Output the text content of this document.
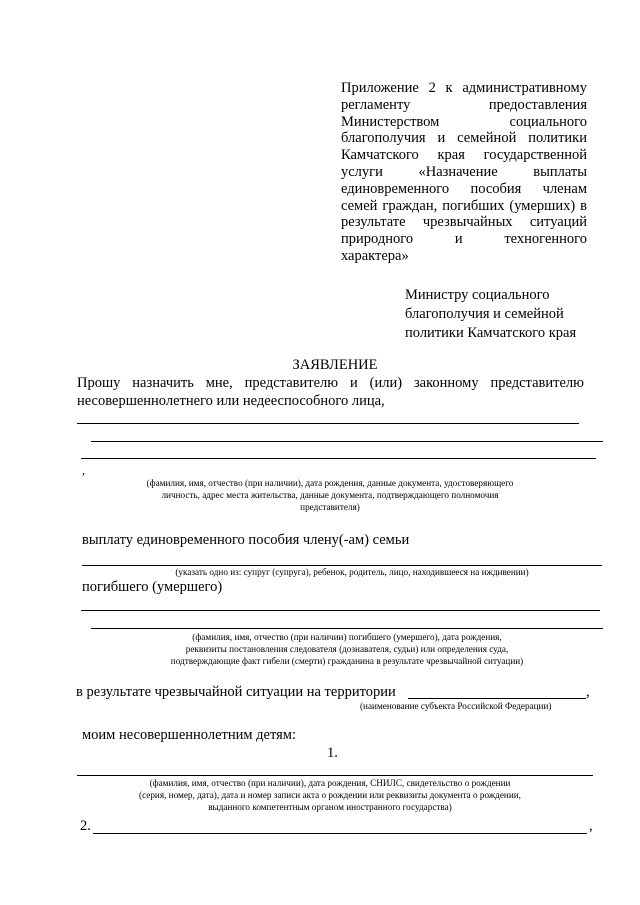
Приложение 2 к административному
регламенту	предоставления
Министерством	социального
благополучия и семейной политики
Камчатского края государственной
услуги «Назначение выплаты
единовременного пособия членам
семей граждан, погибших (умерших) в
результате чрезвычайных ситуаций
природного	и	техногенного
характера»
Министру социального
благополучия и семейной
политики Камчатского края
ЗАЯВЛЕНИЕ
Прошу назначить мне, представителю и (или) законному представителю
несовершеннолетнего или недееспособного лица,
,
(фамилия, имя, отчество (при наличии), дата рождения, данные документа, удостоверяющего
личность, адрес места жительства, данные документа, подтверждающего полномочия
представителя)
выплату единовременного пособия члену(-ам) семьи
(указать одно из: супруг (супруга), ребенок, родитель, лицо, находившееся на иждивении)
погибшего (умершего)
(фамилия, имя, отчество (при наличии) погибшего (умершего), дата рождения,
реквизиты постановления следователя (дознавателя, судьи) или определения суда,
подтверждающие факт гибели (смерти) гражданина в результате чрезвычайной ситуации)
в результате чрезвычайной ситуации на территории	,
(наименование субъекта Российской Федерации)
моим несовершеннолетним детям:
1.
(фамилия, имя, отчество (при наличии), дата рождения, СНИЛС, свидетельство о рождении
(серия, номер, дата), дата и номер записи акта о рождении или реквизиты документа о рождении,
выданного компетентным органом иностранного государства)
2.	,
